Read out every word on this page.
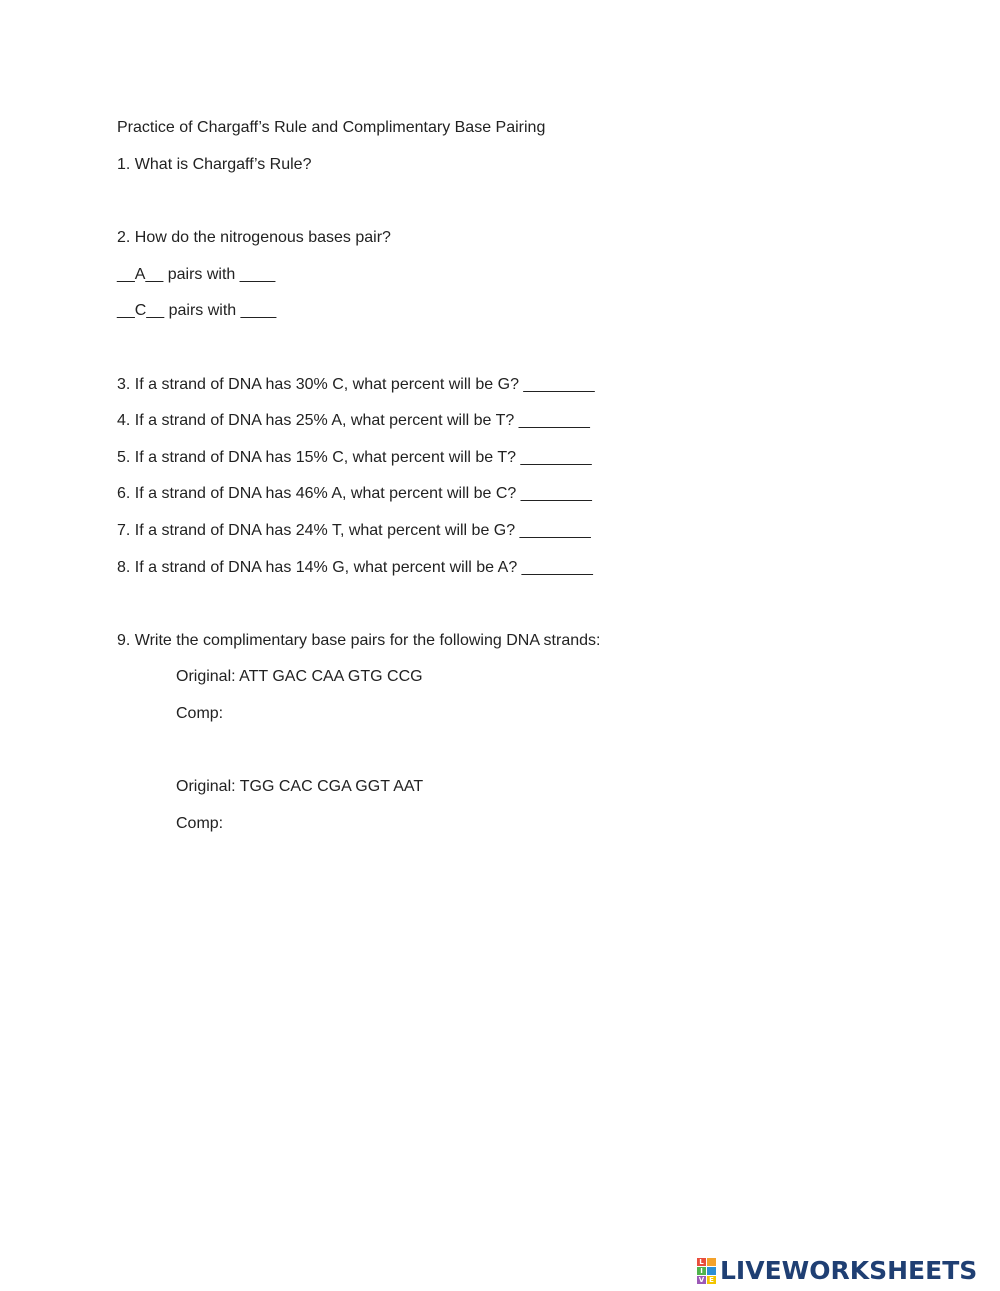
Practice of Chargaff’s Rule and Complimentary Base Pairing
1. What is Chargaff’s Rule?
2. How do the nitrogenous bases pair?
__A__ pairs with ____
__C__ pairs with ____
3. If a strand of DNA has 30% C, what percent will be G? ________
4. If a strand of DNA has 25% A, what percent will be T? ________
5. If a strand of DNA has 15% C, what percent will be T? ________
6. If a strand of DNA has 46% A, what percent will be C? ________
7. If a strand of DNA has 24% T, what percent will be G? ________
8. If a strand of DNA has 14% G, what percent will be A? ________
9. Write the complimentary base pairs for the following DNA strands:
Original: ATT GAC CAA GTG CCG
Comp:
Original: TGG CAC CGA GGT AAT
Comp:
L
I
V E LIVEWORKSHEETS
